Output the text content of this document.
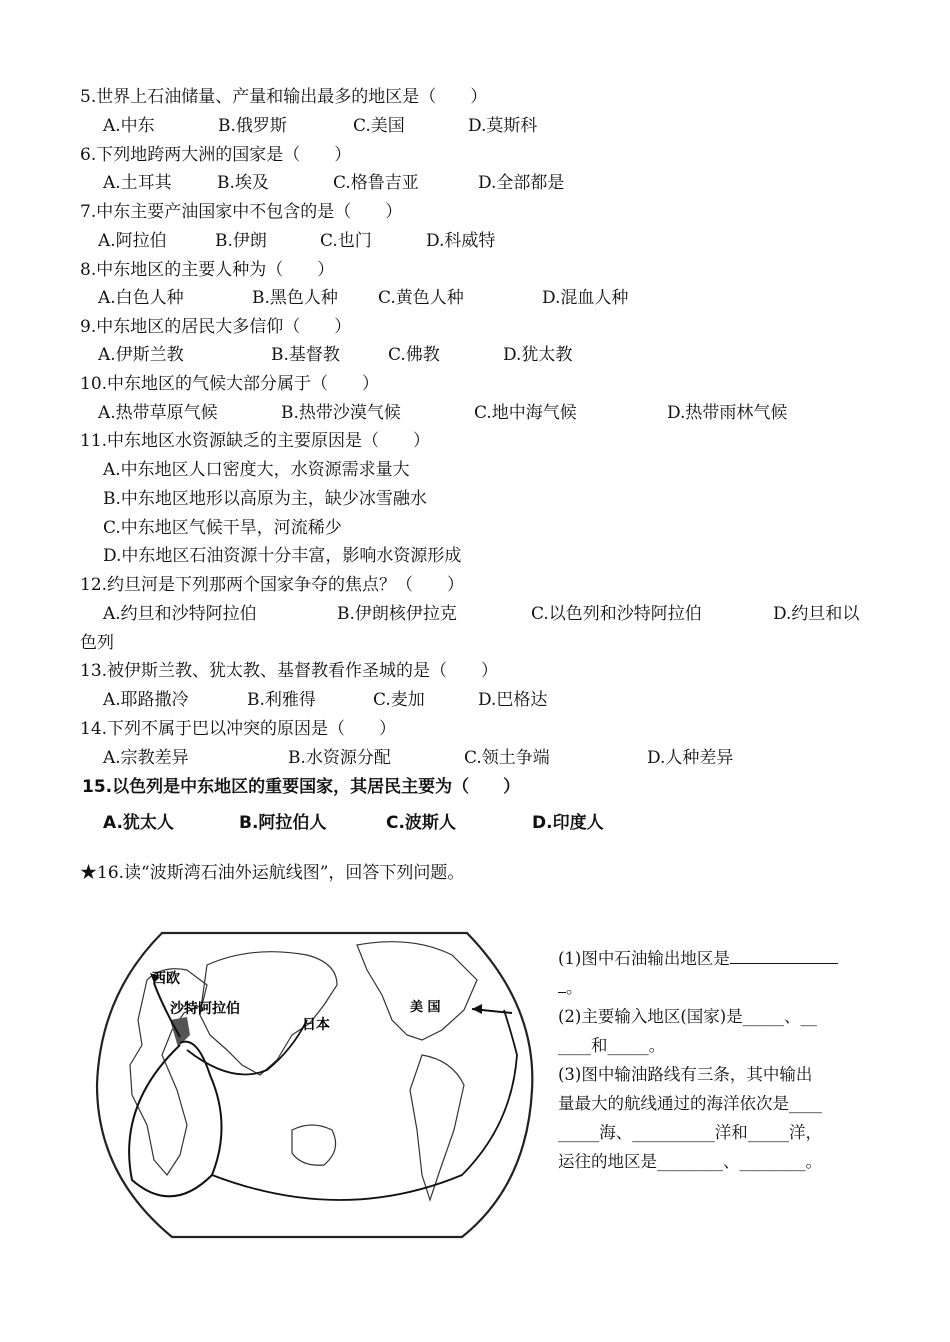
5.世界上石油储量、产量和输出最多的地区是（　　）
A.中东	B.俄罗斯	C.美国	D.莫斯科
6.下列地跨两大洲的国家是（　　）
A.土耳其	B.埃及	C.格鲁吉亚	D.全部都是
7.中东主要产油国家中不包含的是（　　）
A.阿拉伯	B.伊朗	C.也门	D.科威特
8.中东地区的主要人种为（　　）
A.白色人种	B.黑色人种 C.黄色人种	D.混血人种
9.中东地区的居民大多信仰（　　）
A.伊斯兰教	B.基督教	C.佛教	D.犹太教
10.中东地区的气候大部分属于（　　）
A.热带草原气候	B.热带沙漠气候	C.地中海气候	D.热带雨林气候
11.中东地区水资源缺乏的主要原因是（　　）
A.中东地区人口密度大，水资源需求量大
B.中东地区地形以高原为主，缺少冰雪融水
C.中东地区气候干旱，河流稀少
D.中东地区石油资源十分丰富，影响水资源形成
12.约旦河是下列那两个国家争夺的焦点？（　　）
A.约旦和沙特阿拉伯	B.伊朗核伊拉克	C.以色列和沙特阿拉伯	D.约旦和以
色列
13.被伊斯兰教、犹太教、基督教看作圣城的是（　　）
A.耶路撒冷	B.利雅得	C.麦加	D.巴格达
14.下列不属于巴以冲突的原因是（　　）
A.宗教差异	B.水资源分配	C.领土争端	D.人种差异
15.以色列是中东地区的重要国家，其居民主要为（　　）
A.犹太人	B.阿拉伯人	C.波斯人	D.印度人
★16.读“波斯湾石油外运航线图”，回答下列问题。
西欧
沙特阿拉伯
日本
美 国
(1)图中石油输出地区是
。
(2)主要输入地区(国家)是_____、__
____和_____。
(3)图中输油路线有三条，其中输出
量最大的航线通过的海洋依次是____
_____海、__________洋和_____洋，
运往的地区是________、________。
